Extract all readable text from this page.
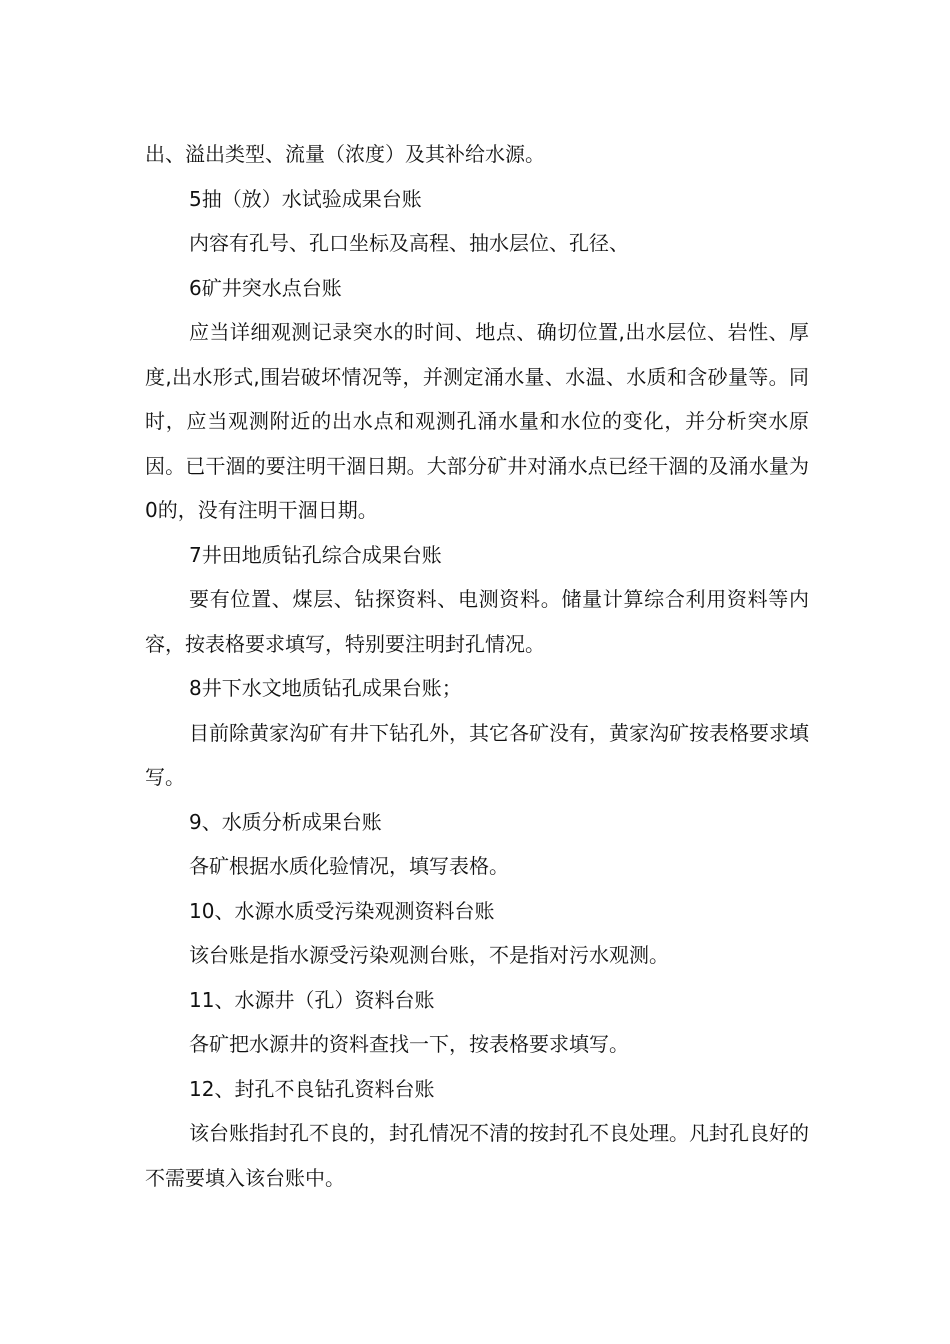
出、溢出类型、流量（浓度）及其补给水源。

5抽（放）水试验成果台账

内容有孔号、孔口坐标及高程、抽水层位、孔径、

6矿井突水点台账

应当详细观测记录突水的时间、地点、确切位置,出水层位、岩性、厚度,出水形式,围岩破坏情况等，并测定涌水量、水温、水质和含砂量等。同时，应当观测附近的出水点和观测孔涌水量和水位的变化，并分析突水原因。已干涸的要注明干涸日期。大部分矿井对涌水点已经干涸的及涌水量为0的，没有注明干涸日期。

7井田地质钻孔综合成果台账

要有位置、煤层、钻探资料、电测资料。储量计算综合利用资料等内容，按表格要求填写，特别要注明封孔情况。

8井下水文地质钻孔成果台账；

目前除黄家沟矿有井下钻孔外，其它各矿没有，黄家沟矿按表格要求填写。

9、水质分析成果台账

各矿根据水质化验情况，填写表格。

10、水源水质受污染观测资料台账

该台账是指水源受污染观测台账，不是指对污水观测。

11、水源井（孔）资料台账

各矿把水源井的资料查找一下，按表格要求填写。

12、封孔不良钻孔资料台账

该台账指封孔不良的，封孔情况不清的按封孔不良处理。凡封孔良好的不需要填入该台账中。
